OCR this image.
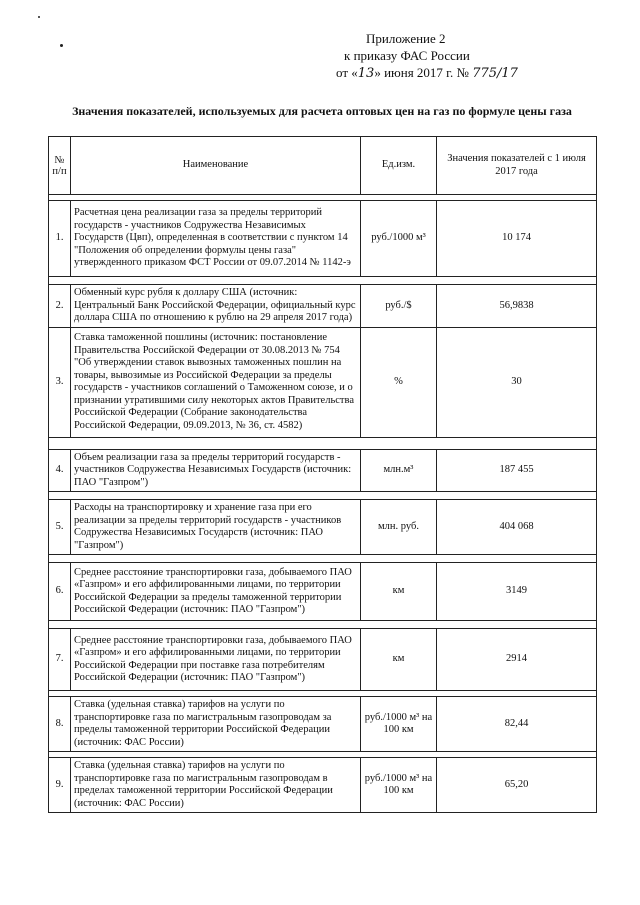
Приложение 2
к приказу ФАС России
от «13» июня 2017 г. № 775/17
Значения показателей, используемых для расчета оптовых цен на газ по формуле цены газа
№ п/п	Наименование	Ед.изм.	Значения показателей с 1 июля 2017 года

1.	Расчетная цена реализации газа за пределы территорий государств - участников Содружества Независимых Государств (Цвп), определенная в соответствии с пунктом 14 "Положения об определении формулы цены газа" утвержденного приказом ФСТ России от 09.07.2014 № 1142-э	руб./1000 м³	10 174

2.	Обменный курс рубля к доллару США (источник: Центральный Банк Российской Федерации, официальный курс доллара США по отношению к рублю на 29 апреля 2017 года)	руб./$	56,9838
3.	Ставка таможенной пошлины (источник: постановление Правительства Российской Федерации от 30.08.2013 № 754 "Об утверждении ставок вывозных таможенных пошлин на товары, вывозимые из Российской Федерации за пределы государств - участников соглашений о Таможенном союзе, и о признании утратившими силу некоторых актов Правительства Российской Федерации (Собрание законодательства Российской Федерации, 09.09.2013, № 36, ст. 4582)	%	30

4.	Объем реализации газа за пределы территорий государств - участников Содружества Независимых Государств (источник: ПАО "Газпром")	млн.м³	187 455

5.	Расходы на транспортировку и хранение газа при его реализации за пределы территорий государств - участников Содружества Независимых Государств (источник: ПАО "Газпром")	млн. руб.	404 068

6.	Среднее расстояние транспортировки газа, добываемого ПАО «Газпром» и его аффилированными лицами, по территории Российской Федерации за пределы таможенной территории Российской Федерации (источник: ПАО "Газпром")	км	3149

7.	Среднее расстояние транспортировки газа, добываемого ПАО «Газпром» и его аффилированными лицами, по территории Российской Федерации при поставке газа потребителям Российской Федерации (источник: ПАО "Газпром")	км	2914

8.	Ставка (удельная ставка) тарифов на услуги по транспортировке газа по магистральным газопроводам за пределы таможенной территории Российской Федерации (источник: ФАС России)	руб./1000 м³ на 100 км	82,44

9.	Ставка (удельная ставка) тарифов на услуги по транспортировке газа по магистральным газопроводам в пределах таможенной территории Российской Федерации (источник: ФАС России)	руб./1000 м³ на 100 км	65,20
